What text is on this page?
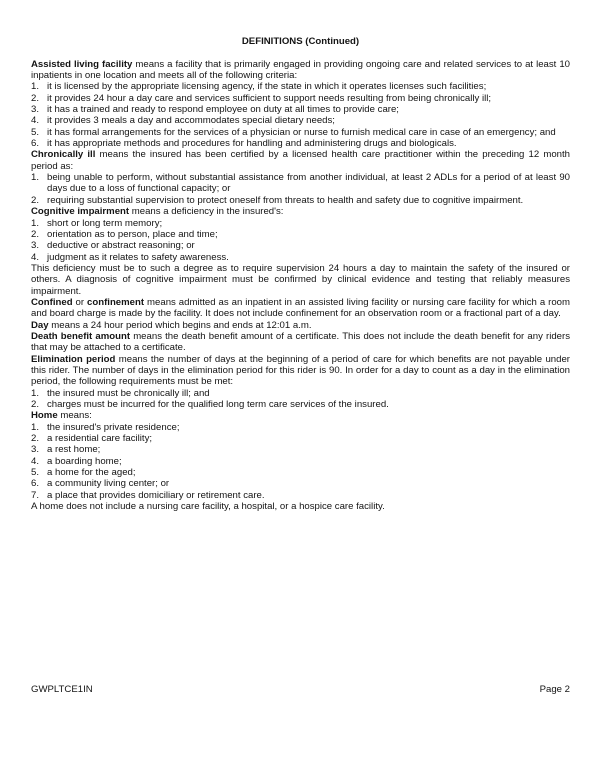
DEFINITIONS (Continued)

Assisted living facility means a facility that is primarily engaged in providing ongoing care and related services to at least 10 inpatients in one location and meets all of the following criteria:

1. it is licensed by the appropriate licensing agency, if the state in which it operates licenses such facilities;
2. it provides 24 hour a day care and services sufficient to support needs resulting from being chronically ill;
3. it has a trained and ready to respond employee on duty at all times to provide care;
4. it provides 3 meals a day and accommodates special dietary needs;
5. it has formal arrangements for the services of a physician or nurse to furnish medical care in case of an emergency; and
6. it has appropriate methods and procedures for handling and administering drugs and biologicals.

Chronically ill means the insured has been certified by a licensed health care practitioner within the preceding 12 month period as:

1. being unable to perform, without substantial assistance from another individual, at least 2 ADLs for a period of at least 90 days due to a loss of functional capacity; or
2. requiring substantial supervision to protect oneself from threats to health and safety due to cognitive impairment.

Cognitive impairment means a deficiency in the insured's:

1. short or long term memory;
2. orientation as to person, place and time;
3. deductive or abstract reasoning; or
4. judgment as it relates to safety awareness.

This deficiency must be to such a degree as to require supervision 24 hours a day to maintain the safety of the insured or others. A diagnosis of cognitive impairment must be confirmed by clinical evidence and testing that reliably measures impairment.

Confined or confinement means admitted as an inpatient in an assisted living facility or nursing care facility for which a room and board charge is made by the facility. It does not include confinement for an observation room or a fractional part of a day.

Day means a 24 hour period which begins and ends at 12:01 a.m.

Death benefit amount means the death benefit amount of a certificate. This does not include the death benefit for any riders that may be attached to a certificate.

Elimination period means the number of days at the beginning of a period of care for which benefits are not payable under this rider. The number of days in the elimination period for this rider is 90. In order for a day to count as a day in the elimination period, the following requirements must be met:

1. the insured must be chronically ill; and
2. charges must be incurred for the qualified long term care services of the insured.

Home means:

1. the insured's private residence;
2. a residential care facility;
3. a rest home;
4. a boarding home;
5. a home for the aged;
6. a community living center; or
7. a place that provides domiciliary or retirement care.

A home does not include a nursing care facility, a hospital, or a hospice care facility.

GWPLTCE1IN	Page 2
